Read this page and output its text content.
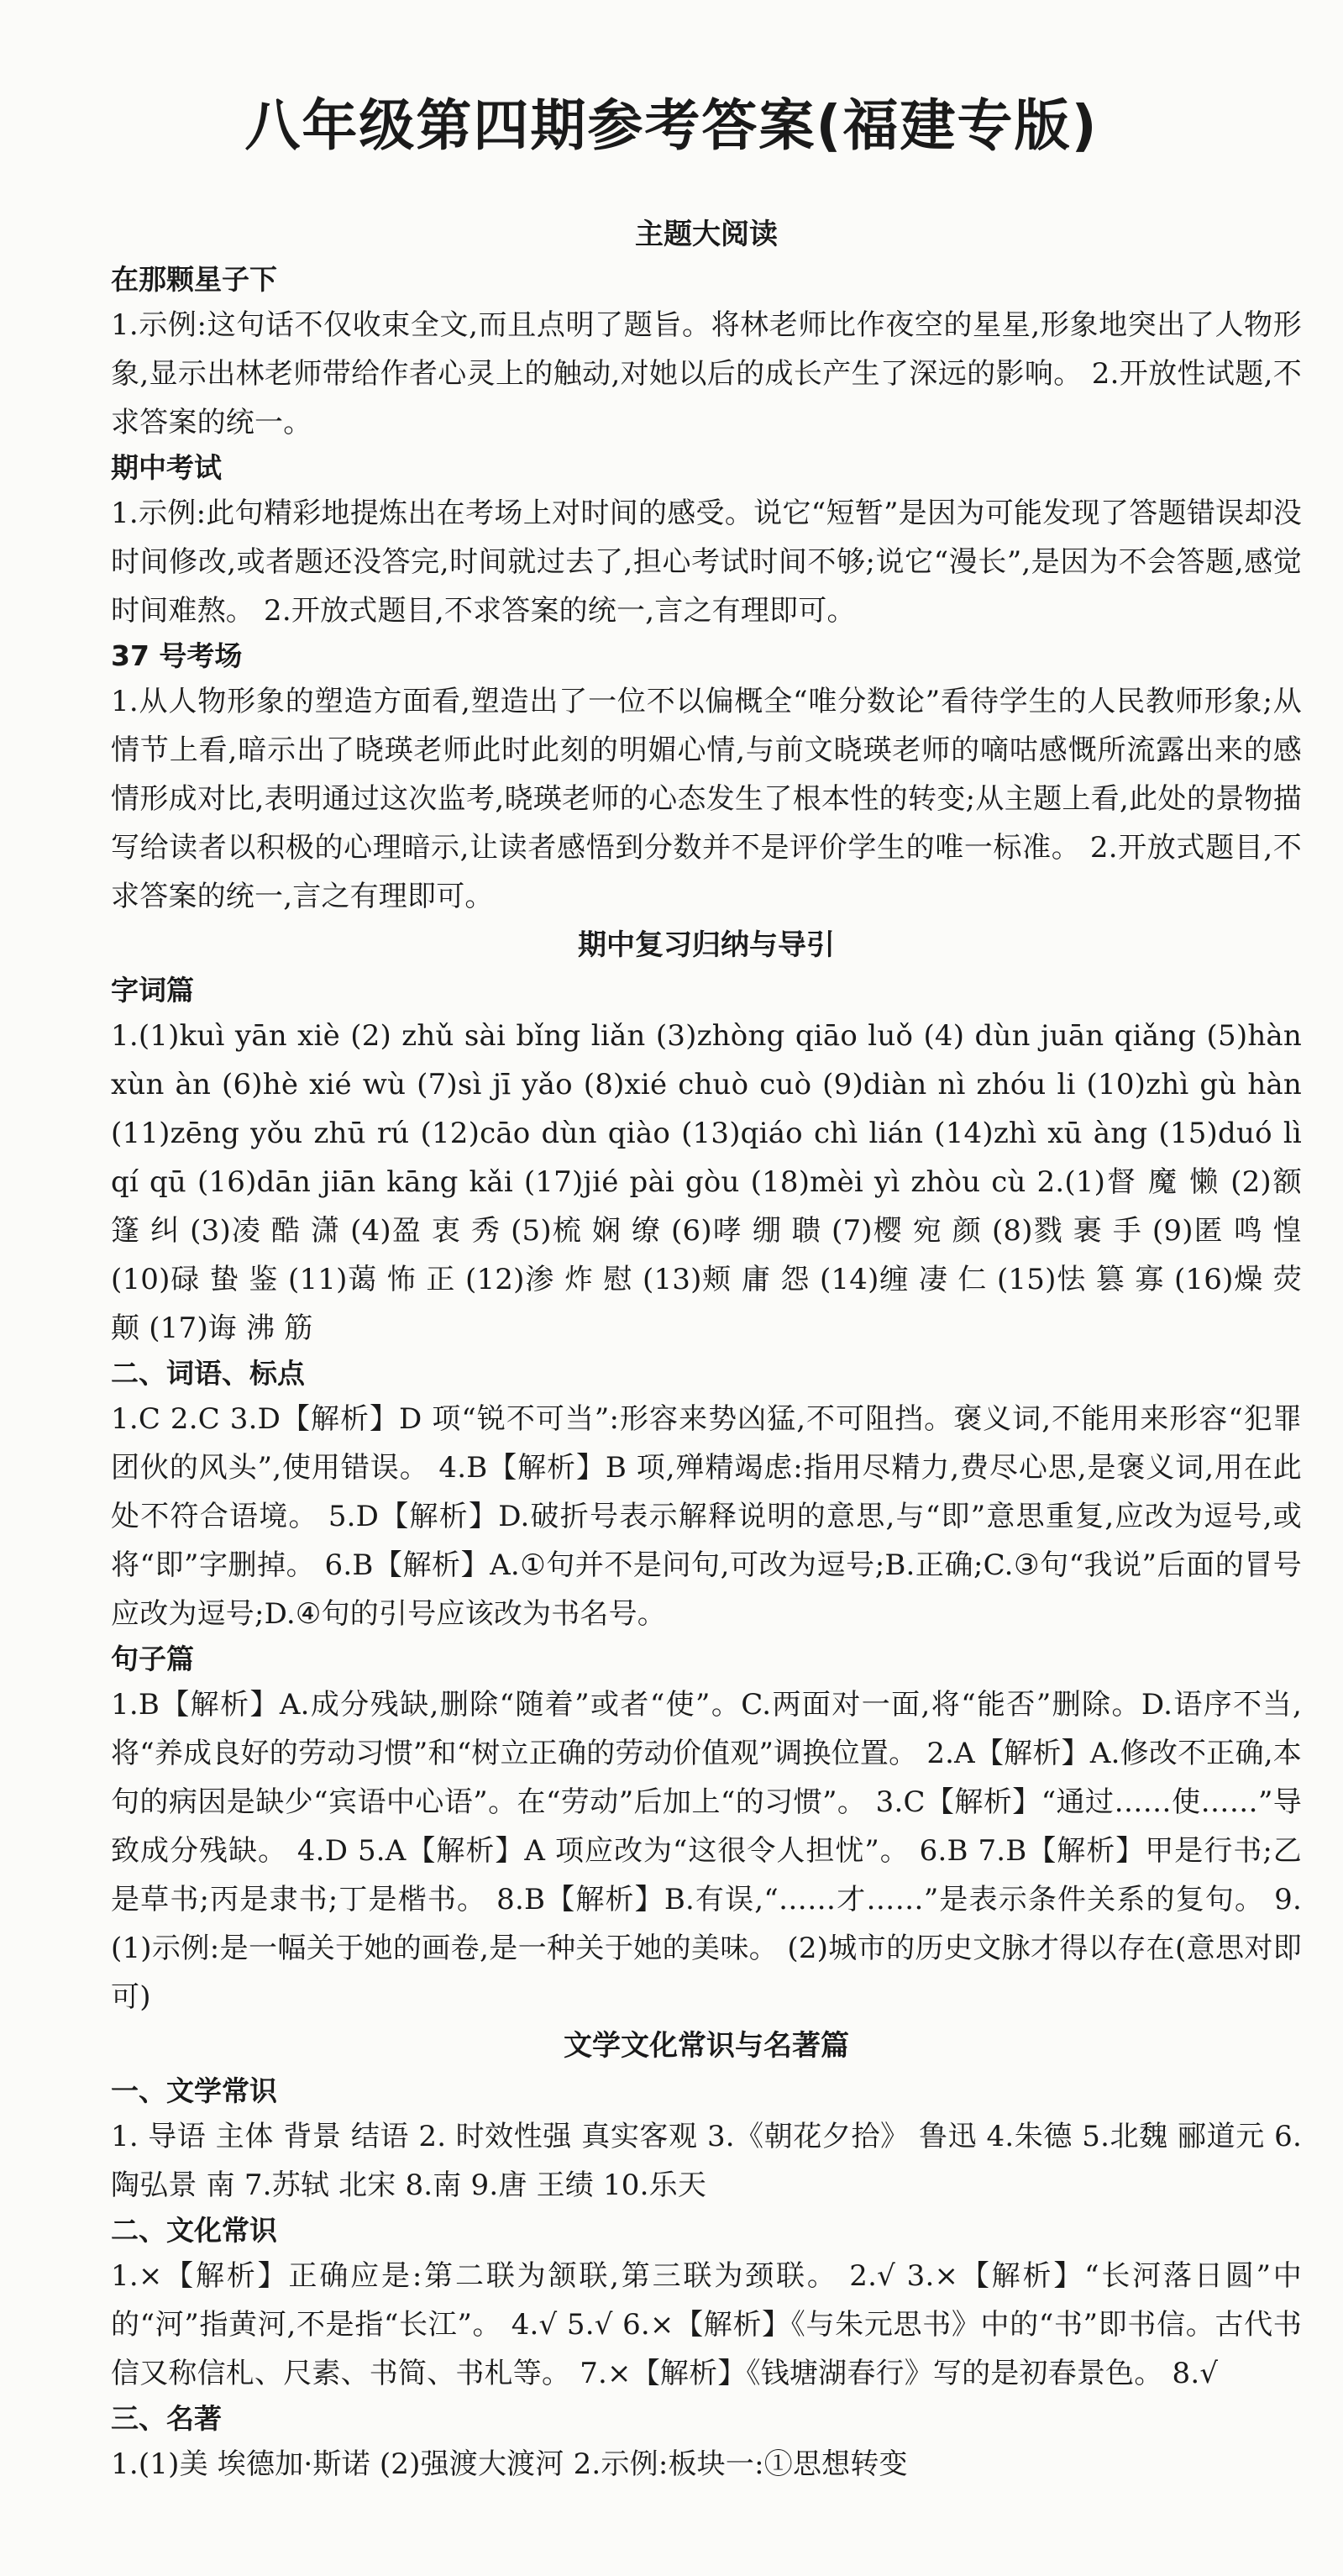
八年级第四期参考答案(福建专版)
主题大阅读
在那颗星子下

1.示例:这句话不仅收束全文,而且点明了题旨。将林老师比作夜空的星星,形象地突出了人物形象,显示出林老师带给作者心灵上的触动,对她以后的成长产生了深远的影响。 2.开放性试题,不求答案的统一。

期中考试

1.示例:此句精彩地提炼出在考场上对时间的感受。说它“短暂”是因为可能发现了答题错误却没时间修改,或者题还没答完,时间就过去了,担心考试时间不够;说它“漫长”,是因为不会答题,感觉时间难熬。 2.开放式题目,不求答案的统一,言之有理即可。

37 号考场

1.从人物形象的塑造方面看,塑造出了一位不以偏概全“唯分数论”看待学生的人民教师形象;从情节上看,暗示出了晓瑛老师此时此刻的明媚心情,与前文晓瑛老师的嘀咕感慨所流露出来的感情形成对比,表明通过这次监考,晓瑛老师的心态发生了根本性的转变;从主题上看,此处的景物描写给读者以积极的心理暗示,让读者感悟到分数并不是评价学生的唯一标准。 2.开放式题目,不求答案的统一,言之有理即可。

期中复习归纳与导引
字词篇

1.(1)kuì yān xiè (2) zhǔ sài bǐng liǎn (3)zhòng qiāo luǒ (4) dùn juān qiǎng (5)hàn xùn àn (6)hè xié wù (7)sì jī yǎo (8)xié chuò cuò (9)diàn nì zhóu li (10)zhì gù hàn (11)zēng yǒu zhū rú (12)cāo dùn qiào (13)qiáo chì lián (14)zhì xū àng (15)duó lì qí qū (16)dān jiān kāng kǎi (17)jié pài gòu (18)mèi yì zhòu cù 2.(1)督 魔 懒 (2)额 篷 纠 (3)凌 酷 潇 (4)盈 衷 秀 (5)梳 娴 缭 (6)哮 绷 聩 (7)樱 宛 颜 (8)戮 裹 手 (9)匿 鸣 惶 (10)碌 蛰 鉴 (11)蔼 怖 正 (12)渗 炸 慰 (13)颊 庸 怨 (14)缠 凄 仁 (15)怯 篡 寡 (16)燥 荧 颠 (17)诲 沸 筋

二、词语、标点

1.C 2.C 3.D【解析】D 项“锐不可当”:形容来势凶猛,不可阻挡。褒义词,不能用来形容“犯罪团伙的风头”,使用错误。 4.B【解析】B 项,殚精竭虑:指用尽精力,费尽心思,是褒义词,用在此处不符合语境。 5.D【解析】D.破折号表示解释说明的意思,与“即”意思重复,应改为逗号,或将“即”字删掉。 6.B【解析】A.①句并不是问句,可改为逗号;B.正确;C.③句“我说”后面的冒号应改为逗号;D.④句的引号应该改为书名号。

句子篇

1.B【解析】A.成分残缺,删除“随着”或者“使”。C.两面对一面,将“能否”删除。D.语序不当,将“养成良好的劳动习惯”和“树立正确的劳动价值观”调换位置。 2.A【解析】A.修改不正确,本句的病因是缺少“宾语中心语”。在“劳动”后加上“的习惯”。 3.C【解析】“通过……使……”导致成分残缺。 4.D 5.A【解析】A 项应改为“这很令人担忧”。 6.B 7.B【解析】甲是行书;乙是草书;丙是隶书;丁是楷书。 8.B【解析】B.有误,“……才……”是表示条件关系的复句。 9.(1)示例:是一幅关于她的画卷,是一种关于她的美味。 (2)城市的历史文脉才得以存在(意思对即可)

文学文化常识与名著篇
一、文学常识

1. 导语 主体 背景 结语 2. 时效性强 真实客观 3.《朝花夕拾》 鲁迅 4.朱德 5.北魏 郦道元 6.陶弘景 南 7.苏轼 北宋 8.南 9.唐 王绩 10.乐天

二、文化常识

1.×【解析】正确应是:第二联为颔联,第三联为颈联。 2.√ 3.×【解析】“长河落日圆”中的“河”指黄河,不是指“长江”。 4.√ 5.√ 6.×【解析】《与朱元思书》中的“书”即书信。古代书信又称信札、尺素、书简、书札等。 7.×【解析】《钱塘湖春行》写的是初春景色。 8.√

三、名著

1.(1)美 埃德加·斯诺 (2)强渡大渡河 2.示例:板块一:①思想转变
